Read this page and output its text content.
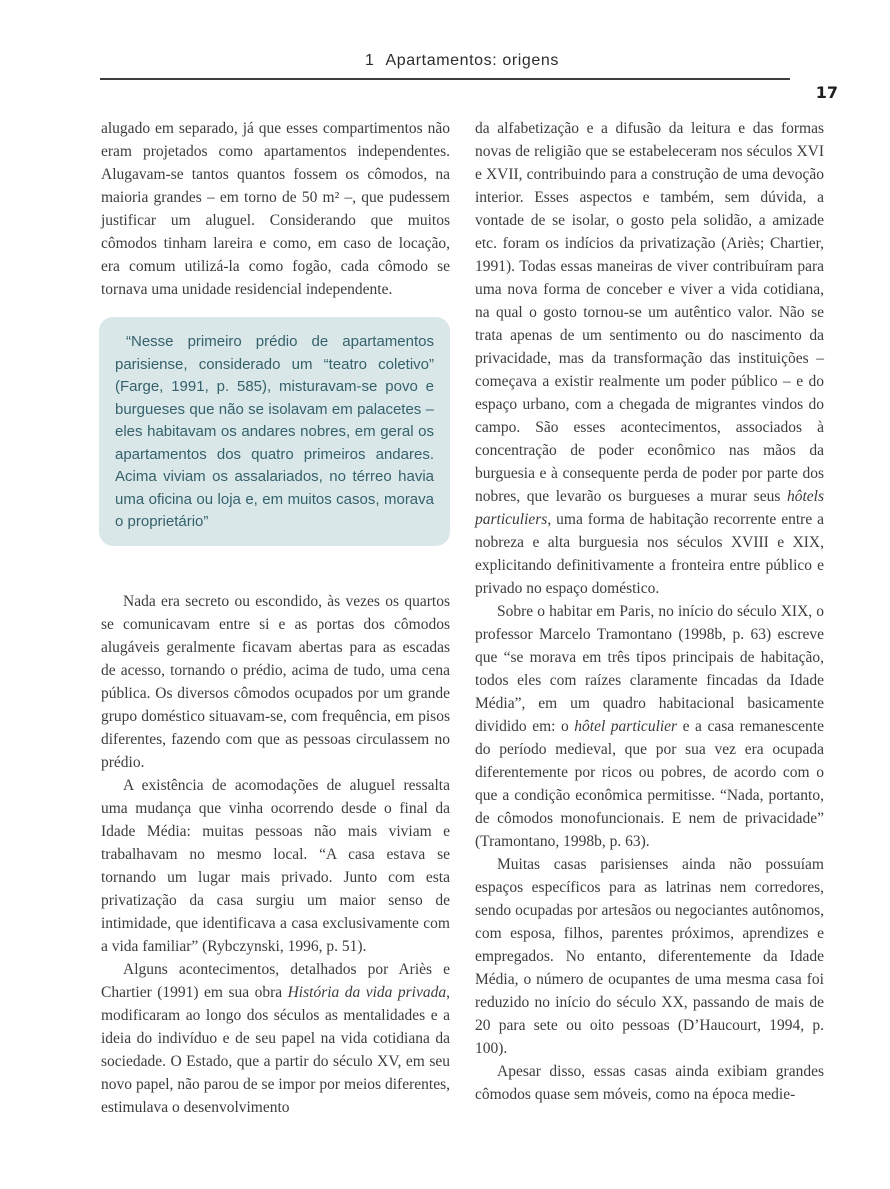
1 Apartamentos: origens
17

alugado em separado, já que esses compartimentos não eram projetados como apartamentos independentes. Alugavam-se tantos quantos fossem os cômodos, na maioria grandes – em torno de 50 m² –, que pudessem justificar um aluguel. Considerando que muitos cômodos tinham lareira e como, em caso de locação, era comum utilizá-la como fogão, cada cômodo se tornava uma unidade residencial independente.

“Nesse primeiro prédio de apartamentos parisiense, considerado um “teatro coletivo” (Farge, 1991, p. 585), misturavam-se povo e burgueses que não se isolavam em palacetes – eles habitavam os andares nobres, em geral os apartamentos dos quatro primeiros andares. Acima viviam os assalariados, no térreo havia uma oficina ou loja e, em muitos casos, morava o proprietário”

Nada era secreto ou escondido, às vezes os quartos se comunicavam entre si e as portas dos cômodos alugáveis geralmente ficavam abertas para as escadas de acesso, tornando o prédio, acima de tudo, uma cena pública. Os diversos cômodos ocupados por um grande grupo doméstico situavam-se, com frequência, em pisos diferentes, fazendo com que as pessoas circulassem no prédio.

A existência de acomodações de aluguel ressalta uma mudança que vinha ocorrendo desde o final da Idade Média: muitas pessoas não mais viviam e trabalhavam no mesmo local. “A casa estava se tornando um lugar mais privado. Junto com esta privatização da casa surgiu um maior senso de intimidade, que identificava a casa exclusivamente com a vida familiar” (Rybczynski, 1996, p. 51).

Alguns acontecimentos, detalhados por Ariès e Chartier (1991) em sua obra História da vida privada, modificaram ao longo dos séculos as mentalidades e a ideia do indivíduo e de seu papel na vida cotidiana da sociedade. O Estado, que a partir do século XV, em seu novo papel, não parou de se impor por meios diferentes, estimulava o desenvolvimento

da alfabetização e a difusão da leitura e das formas novas de religião que se estabeleceram nos séculos XVI e XVII, contribuindo para a construção de uma devoção interior. Esses aspectos e também, sem dúvida, a vontade de se isolar, o gosto pela solidão, a amizade etc. foram os indícios da privatização (Ariès; Chartier, 1991). Todas essas maneiras de viver contribuíram para uma nova forma de conceber e viver a vida cotidiana, na qual o gosto tornou-se um autêntico valor. Não se trata apenas de um sentimento ou do nascimento da privacidade, mas da transformação das instituições – começava a existir realmente um poder público – e do espaço urbano, com a chegada de migrantes vindos do campo. São esses acontecimentos, associados à concentração de poder econômico nas mãos da burguesia e à consequente perda de poder por parte dos nobres, que levarão os burgueses a murar seus hôtels particuliers, uma forma de habitação recorrente entre a nobreza e alta burguesia nos séculos XVIII e XIX, explicitando definitivamente a fronteira entre público e privado no espaço doméstico.

Sobre o habitar em Paris, no início do século XIX, o professor Marcelo Tramontano (1998b, p. 63) escreve que “se morava em três tipos principais de habitação, todos eles com raízes claramente fincadas da Idade Média”, em um quadro habitacional basicamente dividido em: o hôtel particulier e a casa remanescente do período medieval, que por sua vez era ocupada diferentemente por ricos ou pobres, de acordo com o que a condição econômica permitisse. “Nada, portanto, de cômodos monofuncionais. E nem de privacidade” (Tramontano, 1998b, p. 63).

Muitas casas parisienses ainda não possuíam espaços específicos para as latrinas nem corredores, sendo ocupadas por artesãos ou negociantes autônomos, com esposa, filhos, parentes próximos, aprendizes e empregados. No entanto, diferentemente da Idade Média, o número de ocupantes de uma mesma casa foi reduzido no início do século XX, passando de mais de 20 para sete ou oito pessoas (D’Haucourt, 1994, p. 100).

Apesar disso, essas casas ainda exibiam grandes cômodos quase sem móveis, como na época medie-
